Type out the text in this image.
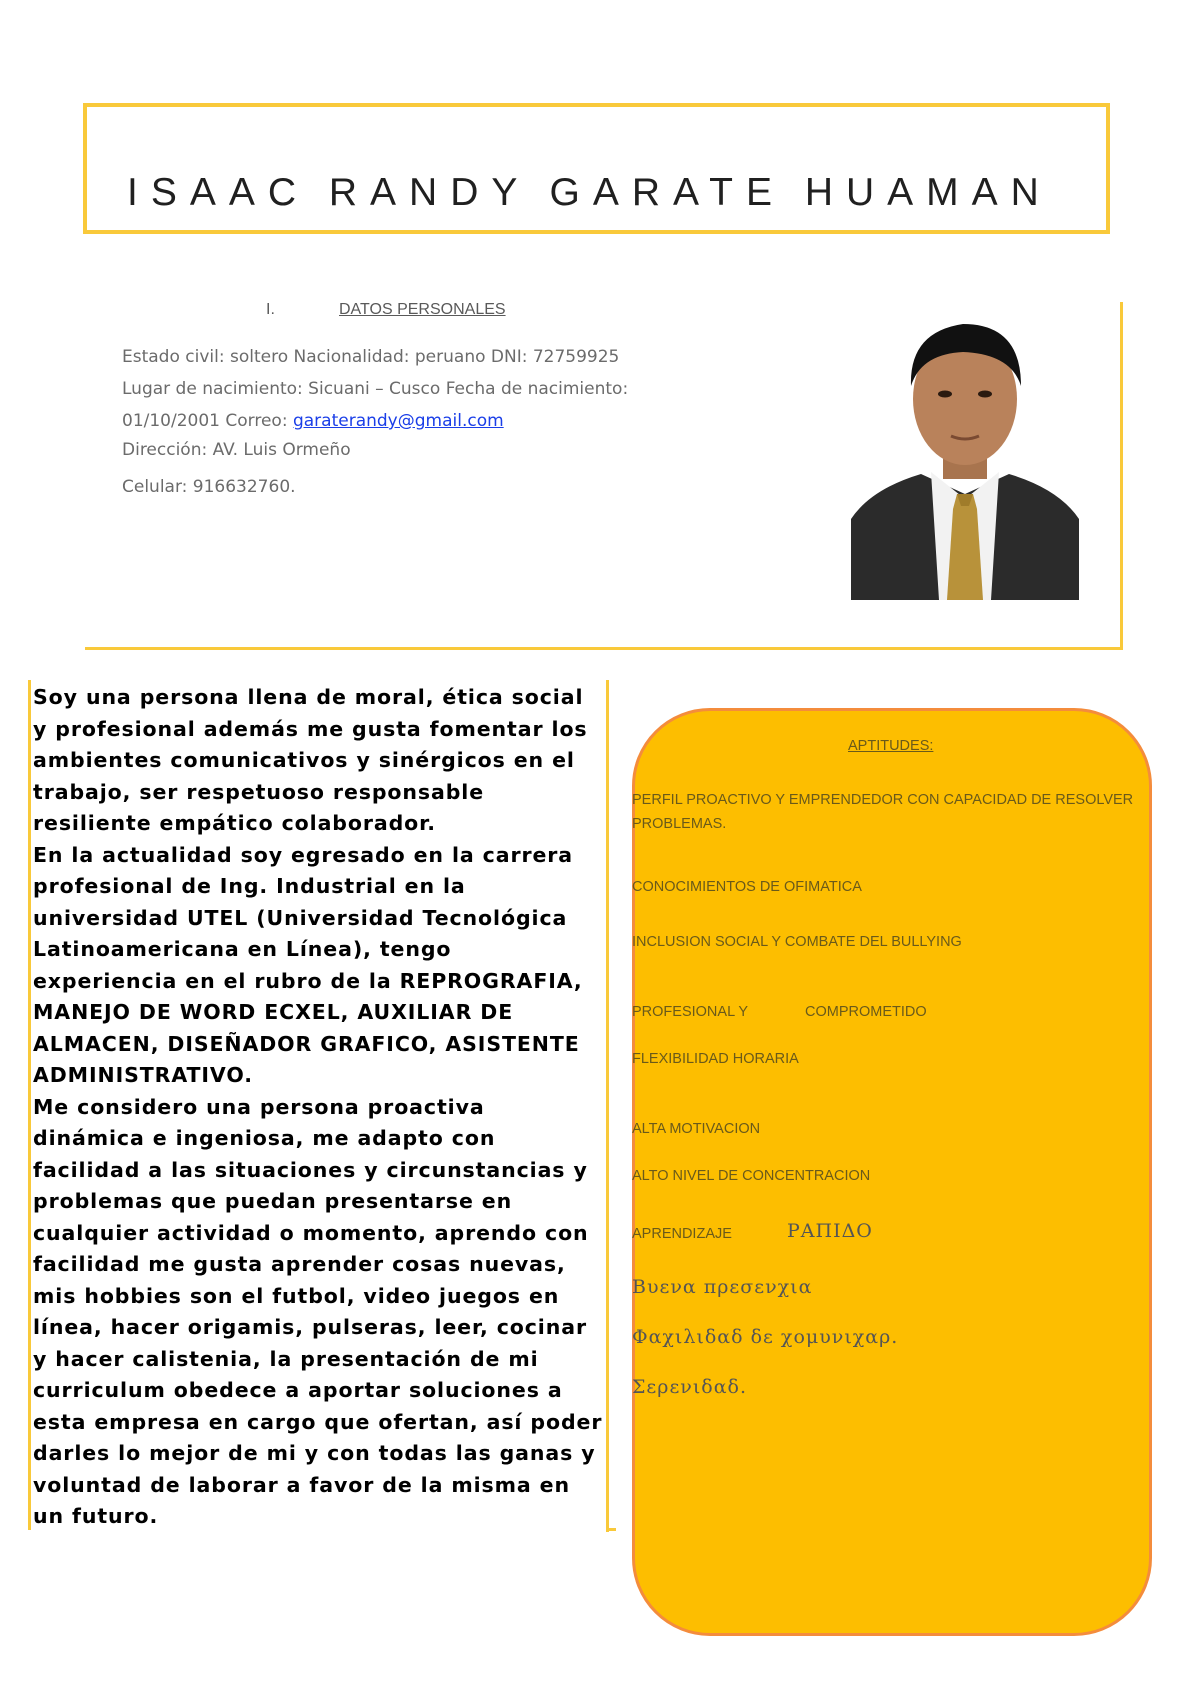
ISAAC RANDY GARATE HUAMAN
I.	DATOS PERSONALES
Estado civil: soltero Nacionalidad: peruano DNI: 72759925
Lugar de nacimiento: Sicuani – Cusco Fecha de nacimiento:
01/10/2001 Correo: garaterandy@gmail.com
Dirección: AV. Luis Ormeño
Celular: 916632760.

Soy una persona llena de moral, ética social y profesional además me gusta fomentar los ambientes comunicativos y sinérgicos en el trabajo, ser respetuoso responsable resiliente empático colaborador.

En la actualidad soy egresado en la carrera profesional de Ing. Industrial en la universidad UTEL (Universidad Tecnológica Latinoamericana en Línea), tengo experiencia en el rubro de la REPROGRAFIA, MANEJO DE WORD ECXEL, AUXILIAR DE ALMACEN, DISEÑADOR GRAFICO, ASISTENTE ADMINISTRATIVO.

Me considero una persona proactiva dinámica e ingeniosa, me adapto con facilidad a las situaciones y circunstancias y problemas que puedan presentarse en cualquier actividad o momento, aprendo con facilidad me gusta aprender cosas nuevas, mis hobbies son el futbol, video juegos en línea, hacer origamis, pulseras, leer, cocinar y hacer calistenia, la presentación de mi curriculum obedece a aportar soluciones a esta empresa en cargo que ofertan, así poder darles lo mejor de mi y con todas las ganas y voluntad de laborar a favor de la misma en un futuro.

APTITUDES:
PERFIL PROACTIVO Y EMPRENDEDOR CON CAPACIDAD DE RESOLVER
PROBLEMAS.
CONOCIMIENTOS DE OFIMATICA
INCLUSION SOCIAL Y COMBATE DEL BULLYING
PROFESIONAL Y	COMPROMETIDO
FLEXIBILIDAD HORARIA
ALTA MOTIVACION
ALTO NIVEL DE CONCENTRACION
APRENDIZAJE	ΡΑΠΙΔΟ
Βυενα πρεσενχια
Φαχιλιδαδ δε χομυνιχαρ.
Σερενιδαδ.
